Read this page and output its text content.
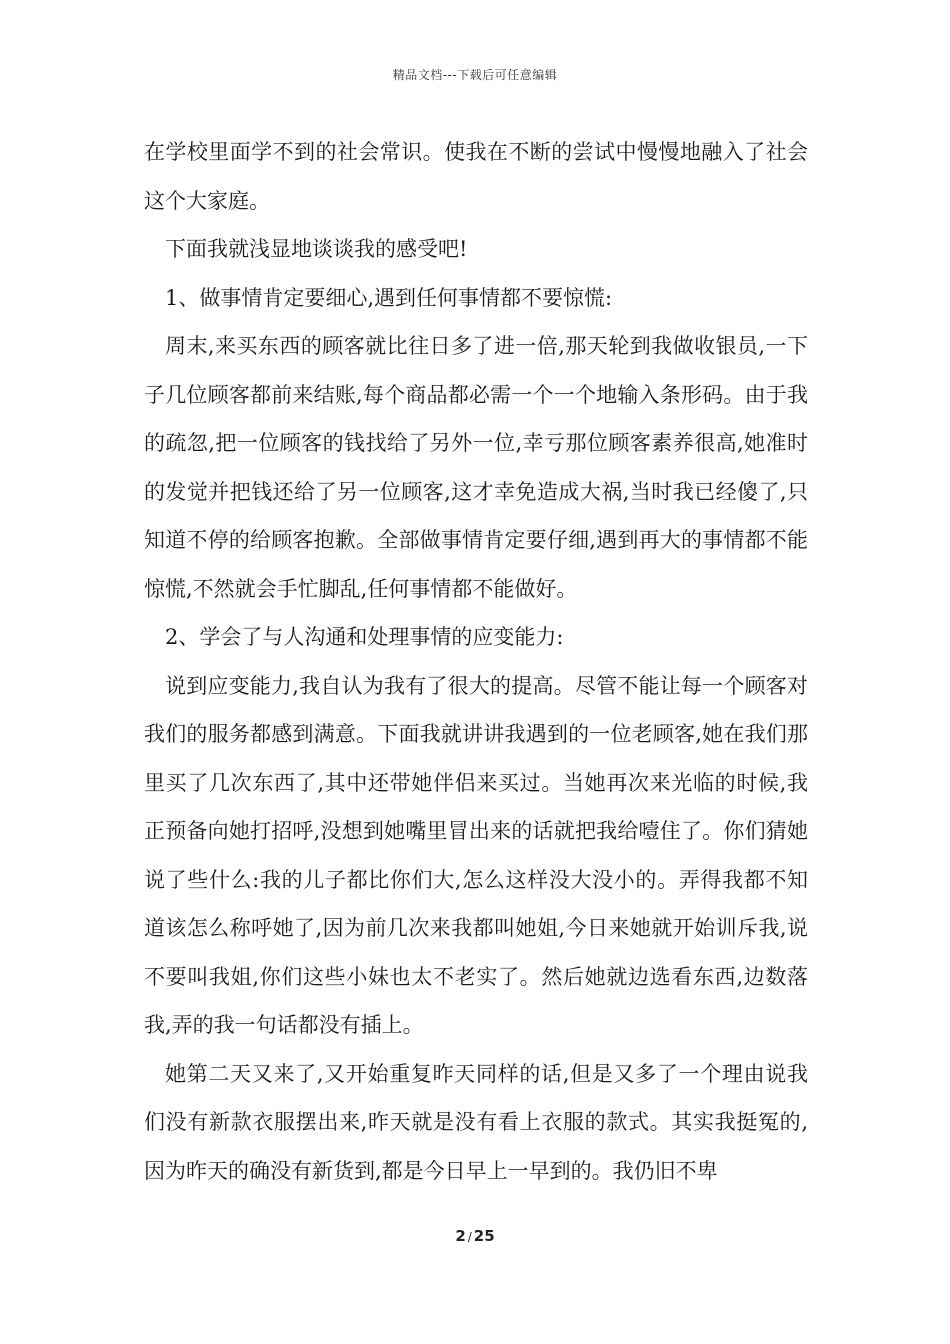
精品文档---下载后可任意编辑

在学校里面学不到的社会常识。使我在不断的尝试中慢慢地融入了社会这个大家庭。

下面我就浅显地谈谈我的感受吧!

1、做事情肯定要细心,遇到任何事情都不要惊慌:

周末,来买东西的顾客就比往日多了进一倍,那天轮到我做收银员,一下子几位顾客都前来结账,每个商品都必需一个一个地输入条形码。由于我的疏忽,把一位顾客的钱找给了另外一位,幸亏那位顾客素养很高,她准时的发觉并把钱还给了另一位顾客,这才幸免造成大祸,当时我已经傻了,只知道不停的给顾客抱歉。全部做事情肯定要仔细,遇到再大的事情都不能惊慌,不然就会手忙脚乱,任何事情都不能做好。

2、学会了与人沟通和处理事情的应变能力:

说到应变能力,我自认为我有了很大的提高。尽管不能让每一个顾客对我们的服务都感到满意。下面我就讲讲我遇到的一位老顾客,她在我们那里买了几次东西了,其中还带她伴侣来买过。当她再次来光临的时候,我正预备向她打招呼,没想到她嘴里冒出来的话就把我给噎住了。你们猜她说了些什么:我的儿子都比你们大,怎么这样没大没小的。弄得我都不知道该怎么称呼她了,因为前几次来我都叫她姐,今日来她就开始训斥我,说不要叫我姐,你们这些小妹也太不老实了。然后她就边选看东西,边数落我,弄的我一句话都没有插上。

她第二天又来了,又开始重复昨天同样的话,但是又多了一个理由说我们没有新款衣服摆出来,昨天就是没有看上衣服的款式。其实我挺冤的,因为昨天的确没有新货到,都是今日早上一早到的。我仍旧不卑

2 / 25
